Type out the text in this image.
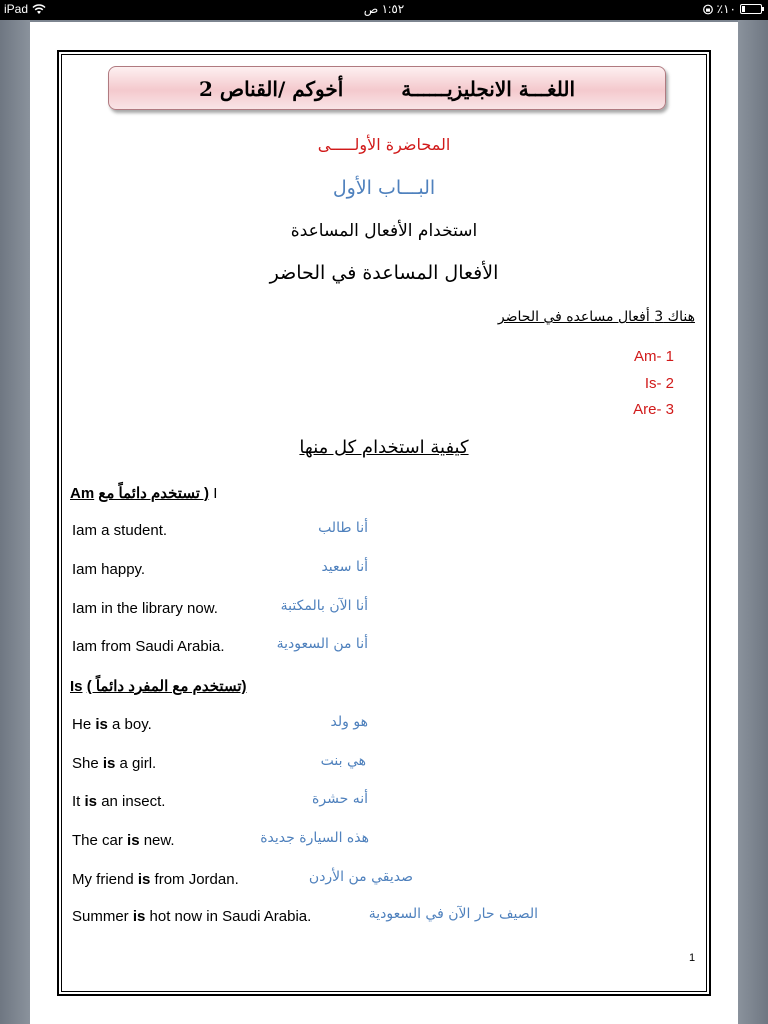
iPad	١:٥٢ ص	٪١٠
أخوكم /القناص 2	اللغـــة الانجليزيــــــة
المحاضرة الأولـــــى
البـــاب الأول
استخدام الأفعال المساعدة
الأفعال المساعدة في الحاضر
هناك 3 أفعال مساعده في الحاضر
Am- 1
Is- 2
Are- 3
كيفية استخدام كل منها
Am ( تستخدم دائماً مع I
Iam a student.	أنا طالب
Iam happy.	أنا سعيد
Iam in the library now.	أنا الآن بالمكتبة
Iam from Saudi Arabia.	أنا من السعودية
Is (تستخدم مع المفرد دائماً )
He is a boy.	هو ولد
She is a girl.	هي بنت
It is an insect.	أنه حشرة
The car is new.	هذه السيارة جديدة
My friend is from Jordan.	صديقي من الأردن
Summer is hot now in Saudi Arabia.	الصيف حار الآن في السعودية
1
